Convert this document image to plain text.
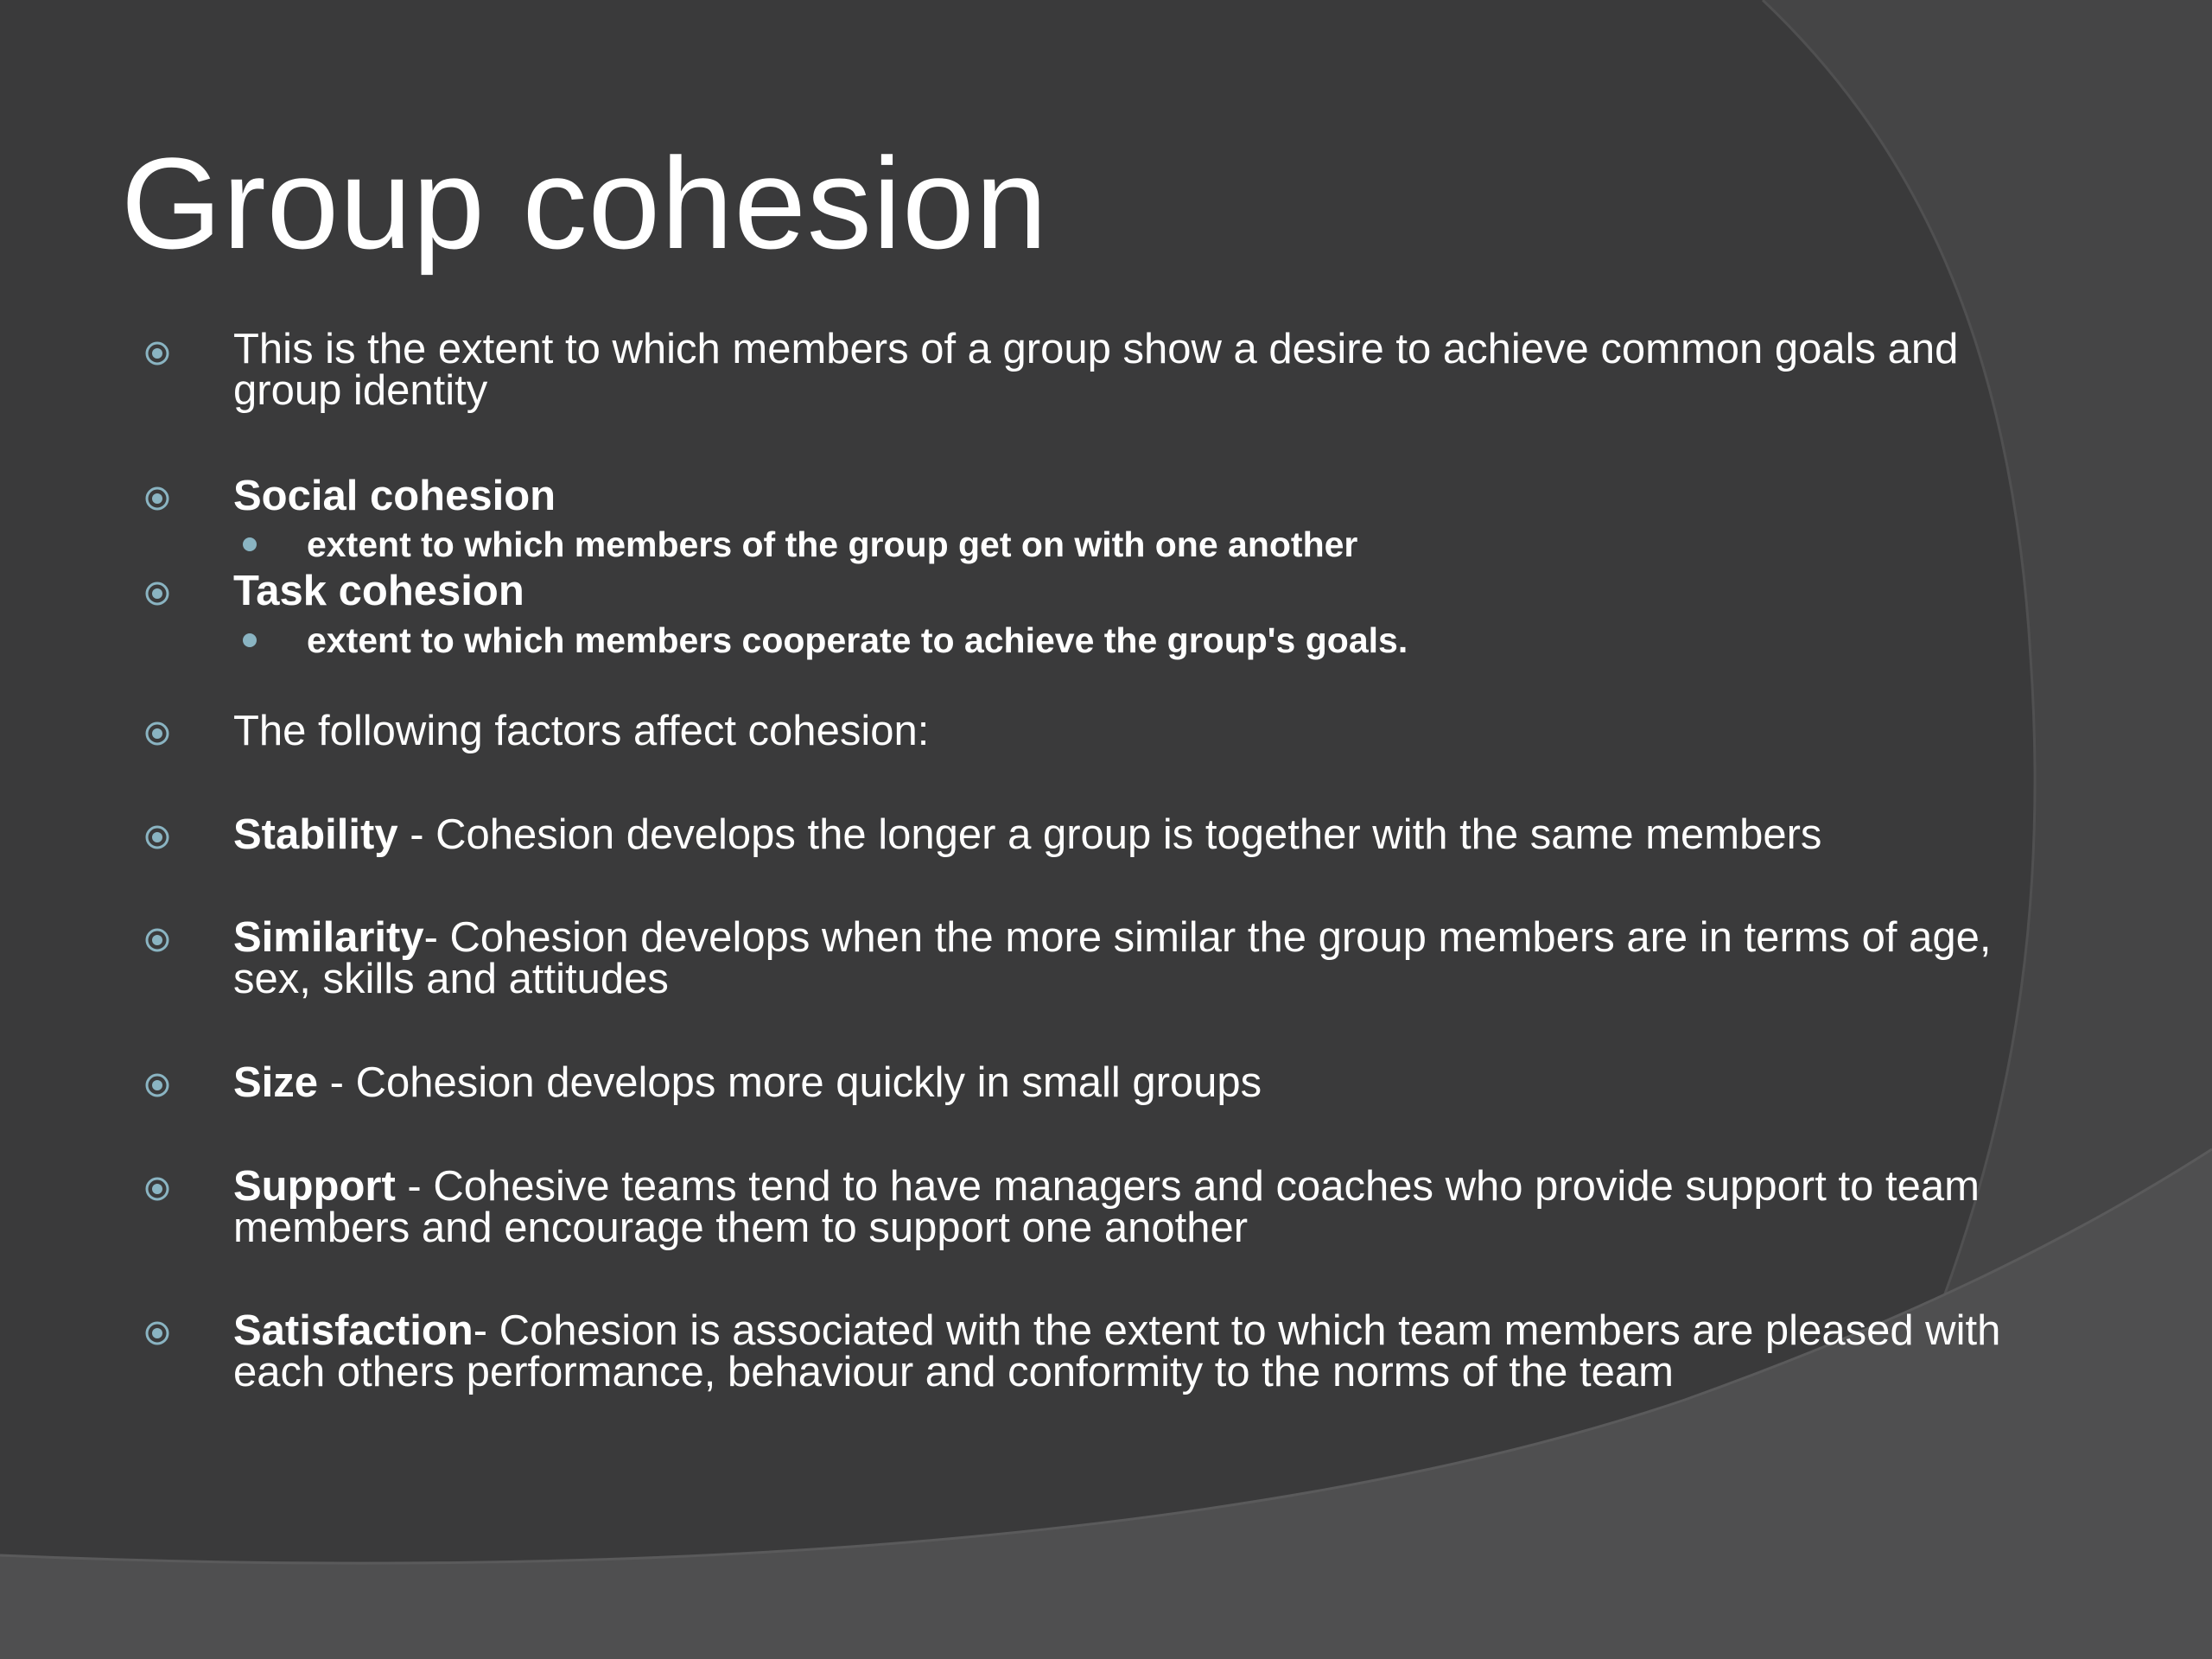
Group cohesion
This is the extent to which members of a group show a desire to achieve common goals and group identity
Social cohesion
extent to which members of the group get on with one another
Task cohesion
extent to which members cooperate to achieve the group's goals.
The following factors affect cohesion:
Stability - Cohesion develops the longer a group is together with the same members
Similarity- Cohesion develops when the more similar the group members are in terms of age, sex, skills and attitudes
Size - Cohesion develops more quickly in small groups
Support - Cohesive teams tend to have managers and coaches who provide support to team members and encourage them to support one another
Satisfaction- Cohesion is associated with the extent to which team members are pleased with each others performance, behaviour and conformity to the norms of the team
